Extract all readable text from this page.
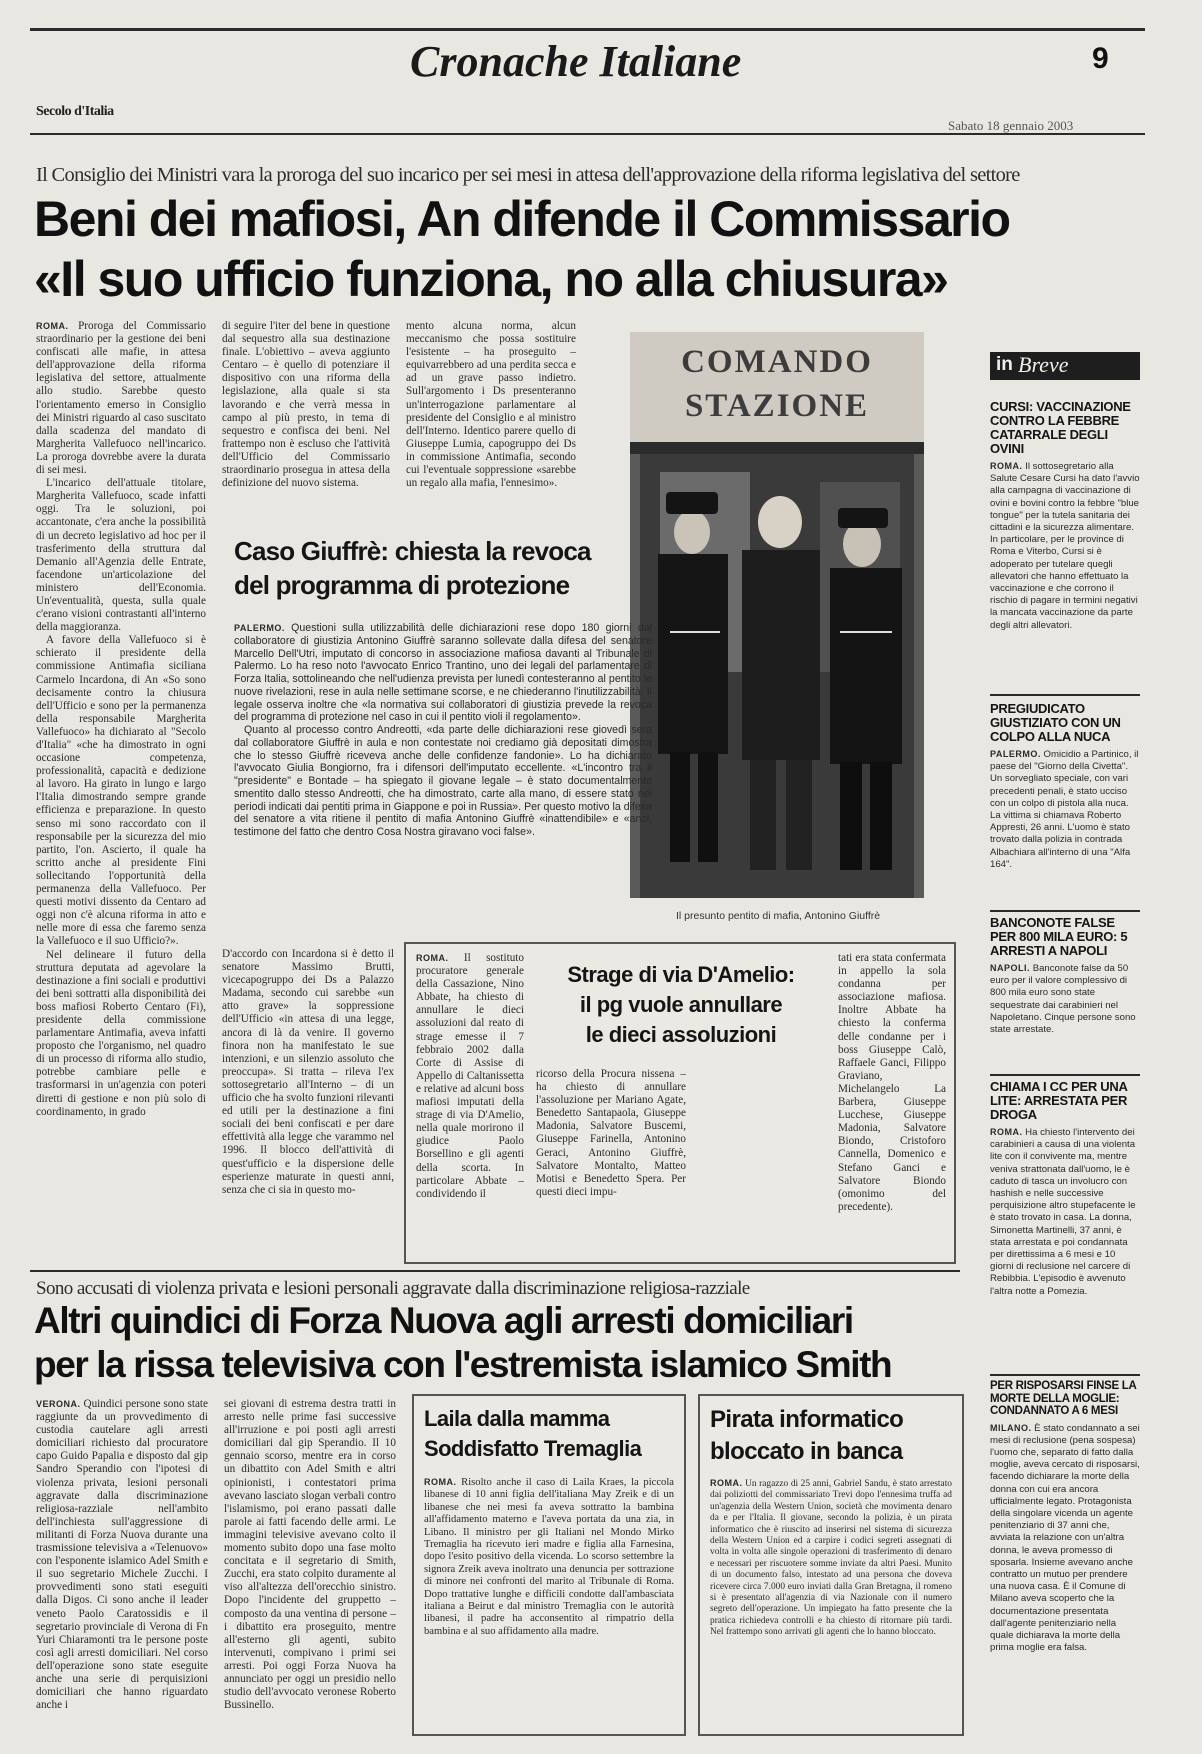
Cronache Italiane	9
Secolo d'Italia
Sabato 18 gennaio 2003
Il Consiglio dei Ministri vara la proroga del suo incarico per sei mesi in attesa dell'approvazione della riforma legislativa del settore
Beni dei mafiosi, An difende il Commissario
«Il suo ufficio funziona, no alla chiusura»

ROMA. Proroga del Commissario straordinario per la gestione dei beni confiscati alle mafie, in attesa dell'approvazione della riforma legislativa del settore, attualmente allo studio. Sarebbe questo l'orientamento emerso in Consiglio dei Ministri riguardo al caso suscitato dalla scadenza del mandato di Margherita Vallefuoco nell'incarico. La proroga dovrebbe avere la durata di sei mesi.

L'incarico dell'attuale titolare, Margherita Vallefuoco, scade infatti oggi. Tra le soluzioni, poi accantonate, c'era anche la possibilità di un decreto legislativo ad hoc per il trasferimento della struttura dal Demanio all'Agenzia delle Entrate, facendone un'articolazione del ministero dell'Economia. Un'eventualità, questa, sulla quale c'erano visioni contrastanti all'interno della maggioranza.

A favore della Vallefuoco si è schierato il presidente della commissione Antimafia siciliana Carmelo Incardona, di An «So sono decisamente contro la chiusura dell'Ufficio e sono per la permanenza della responsabile Margherita Vallefuoco» ha dichiarato al "Secolo d'Italia" «che ha dimostrato in ogni occasione competenza, professionalità, capacità e dedizione al lavoro. Ha girato in lungo e largo l'Italia dimostrando sempre grande efficienza e preparazione. In questo senso mi sono raccordato con il responsabile per la sicurezza del mio partito, l'on. Ascierto, il quale ha scritto anche al presidente Fini sollecitando l'opportunità della permanenza della Vallefuoco. Per questi motivi dissento da Centaro ad oggi non c'è alcuna riforma in atto e nelle more di essa che faremo senza la Vallefuoco e il suo Ufficio?».

Nel delineare il futuro della struttura deputata ad agevolare la destinazione a fini sociali e produttivi dei beni sottratti alla disponibilità dei boss mafiosi Roberto Centaro (Fi), presidente della commissione parlamentare Antimafia, aveva infatti proposto che l'organismo, nel quadro di un processo di riforma allo studio, potrebbe cambiare pelle e trasformarsi in un'agenzia con poteri diretti di gestione e non più solo di coordinamento, in grado

di seguire l'iter del bene in questione dal sequestro alla sua destinazione finale. L'obiettivo – aveva aggiunto Centaro – è quello di potenziare il dispositivo con una riforma della legislazione, alla quale si sta lavorando e che verrà messa in campo al più presto, in tema di sequestro e confisca dei beni. Nel frattempo non è escluso che l'attività dell'Ufficio del Commissario straordinario prosegua in attesa della definizione del nuovo sistema.

mento alcuna norma, alcun meccanismo che possa sostituire l'esistente – ha proseguito – equivarrebbero ad una perdita secca e ad un grave passo indietro. Sull'argomento i Ds presenteranno un'interrogazione parlamentare al presidente del Consiglio e al ministro dell'Interno. Identico parere quello di Giuseppe Lumia, capogruppo dei Ds in commissione Antimafia, secondo cui l'eventuale soppressione «sarebbe un regalo alla mafia, l'ennesimo».

COMANDO
STAZIONE
Il presunto pentito di mafia, Antonino Giuffrè
Caso Giuffrè: chiesta la revoca
del programma di protezione
PALERMO. Questioni sulla utilizzabilità delle dichiarazioni rese dopo 180 giorni dal collaboratore di giustizia Antonino Giuffrè saranno sollevate dalla difesa del senatore Marcello Dell'Utri, imputato di concorso in associazione mafiosa davanti al Tribunale di Palermo. Lo ha reso noto l'avvocato Enrico Trantino, uno dei legali del parlamentare di Forza Italia, sottolineando che nell'udienza prevista per lunedì contesteranno al pentito le nuove rivelazioni, rese in aula nelle settimane scorse, e ne chiederanno l'inutilizzabilità. Il legale osserva inoltre che «la normativa sui collaboratori di giustizia prevede la revoca del programma di protezione nel caso in cui il pentito violi il regolamento».
Quanto al processo contro Andreotti, «da parte delle dichiarazioni rese giovedì sera dal collaboratore Giuffrè in aula e non contestate noi crediamo già depositati dimostra che lo stesso Giuffrè riceveva anche delle confidenze fandonie». Lo ha dichiarato l'avvocato Giulia Bongiorno, fra i difensori dell'imputato eccellente. «L'incontro tra il "presidente" e Bontade – ha spiegato il giovane legale – è stato documentalmente smentito dallo stesso Andreotti, che ha dimostrato, carte alla mano, di essere stato nei periodi indicati dai pentiti prima in Giappone e poi in Russia». Per questo motivo la difesa del senatore a vita ritiene il pentito di mafia Antonino Giuffrè «inattendibile» e «anzi, testimone del fatto che dentro Cosa Nostra giravano voci false».

D'accordo con Incardona si è detto il senatore Massimo Brutti, vicecapogruppo dei Ds a Palazzo Madama, secondo cui sarebbe «un atto grave» la soppressione dell'Ufficio «in attesa di una legge, ancora di là da venire. Il governo finora non ha manifestato le sue intenzioni, e un silenzio assoluto che preoccupa». Si tratta – rileva l'ex sottosegretario all'Interno – di un ufficio che ha svolto funzioni rilevanti ed utili per la destinazione a fini sociali dei beni confiscati e per dare effettività alla legge che varammo nel 1996. Il blocco dell'attività di quest'ufficio e la dispersione delle esperienze maturate in questi anni, senza che ci sia in questo mo-

ROMA. Il sostituto procuratore generale della Cassazione, Nino Abbate, ha chiesto di annullare le dieci assoluzioni dal reato di strage emesse il 7 febbraio 2002 dalla Corte di Assise di Appello di Caltanissetta e relative ad alcuni boss mafiosi imputati della strage di via D'Amelio, nella quale morirono il giudice Paolo Borsellino e gli agenti della scorta. In particolare Abbate – condividendo il

Strage di via D'Amelio:
il pg vuole annullare
le dieci assoluzioni

ricorso della Procura nissena – ha chiesto di annullare l'assoluzione per Mariano Agate, Benedetto Santapaola, Giuseppe Madonia, Salvatore Buscemi, Giuseppe Farinella, Antonino Geraci, Antonino Giuffrè, Salvatore Montalto, Matteo Motisi e Benedetto Spera. Per questi dieci impu-

tati era stata confermata in appello la sola condanna per associazione mafiosa. Inoltre Abbate ha chiesto la conferma delle condanne per i boss Giuseppe Calò, Raffaele Ganci, Filippo Graviano, Michelangelo La Barbera, Giuseppe Lucchese, Giuseppe Madonia, Salvatore Biondo, Cristoforo Cannella, Domenico e Stefano Ganci e Salvatore Biondo (omonimo del precedente).

in Breve
CURSI: VACCINAZIONE CONTRO LA FEBBRE CATARRALE DEGLI OVINI
ROMA. Il sottosegretario alla Salute Cesare Cursi ha dato l'avvio alla campagna di vaccinazione di ovini e bovini contro la febbre "blue tongue" per la tutela sanitaria dei cittadini e la sicurezza alimentare. In particolare, per le province di Roma e Viterbo, Cursi si è adoperato per tutelare quegli allevatori che hanno effettuato la vaccinazione e che corrono il rischio di pagare in termini negativi la mancata vaccinazione da parte degli altri allevatori.
PREGIUDICATO GIUSTIZIATO CON UN COLPO ALLA NUCA
PALERMO. Omicidio a Partinico, il paese del "Giorno della Civetta". Un sorvegliato speciale, con vari precedenti penali, è stato ucciso con un colpo di pistola alla nuca. La vittima si chiamava Roberto Appresti, 26 anni. L'uomo è stato trovato dalla polizia in contrada Albachiara all'interno di una "Alfa 164".
BANCONOTE FALSE PER 800 MILA EURO: 5 ARRESTI A NAPOLI
NAPOLI. Banconote false da 50 euro per il valore complessivo di 800 mila euro sono state sequestrate dai carabinieri nel Napoletano. Cinque persone sono state arrestate.
CHIAMA I CC PER UNA LITE: ARRESTATA PER DROGA
ROMA. Ha chiesto l'intervento dei carabinieri a causa di una violenta lite con il convivente ma, mentre veniva strattonata dall'uomo, le è caduto di tasca un involucro con hashish e nelle successive perquisizione altro stupefacente le è stato trovato in casa. La donna, Simonetta Martinelli, 37 anni, è stata arrestata e poi condannata per direttissima a 6 mesi e 10 giorni di reclusione nel carcere di Rebibbia. L'episodio è avvenuto l'altra notte a Pomezia.
PER RISPOSARSI FINSE LA MORTE DELLA MOGLIE: CONDANNATO A 6 MESI
MILANO. È stato condannato a sei mesi di reclusione (pena sospesa) l'uomo che, separato di fatto dalla moglie, aveva cercato di risposarsi, facendo dichiarare la morte della donna con cui era ancora ufficialmente legato. Protagonista della singolare vicenda un agente penitenziario di 37 anni che, avviata la relazione con un'altra donna, le aveva promesso di sposarla. Insieme avevano anche contratto un mutuo per prendere una nuova casa. È il Comune di Milano aveva scoperto che la documentazione presentata dall'agente penitenziario nella quale dichiarava la morte della prima moglie era falsa.
Sono accusati di violenza privata e lesioni personali aggravate dalla discriminazione religiosa-razziale
Altri quindici di Forza Nuova agli arresti domiciliari
per la rissa televisiva con l'estremista islamico Smith

VERONA. Quindici persone sono state raggiunte da un provvedimento di custodia cautelare agli arresti domiciliari richiesto dal procuratore capo Guido Papalia e disposto dal gip Sandro Sperandio con l'ipotesi di violenza privata, lesioni personali aggravate dalla discriminazione religiosa-razziale nell'ambito dell'inchiesta sull'aggressione di militanti di Forza Nuova durante una trasmissione televisiva a «Telenuovo» con l'esponente islamico Adel Smith e il suo segretario Michele Zucchi. I provvedimenti sono stati eseguiti dalla Digos. Ci sono anche il leader veneto Paolo Caratossidis e il segretario provinciale di Verona di Fn Yuri Chiaramonti tra le persone poste così agli arresti domiciliari. Nel corso dell'operazione sono state eseguite anche una serie di perquisizioni domiciliari che hanno riguardato anche i

sei giovani di estrema destra tratti in arresto nelle prime fasi successive all'irruzione e poi posti agli arresti domiciliari dal gip Sperandio. Il 10 gennaio scorso, mentre era in corso un dibattito con Adel Smith e altri opinionisti, i contestatori prima avevano lasciato slogan verbali contro l'islamismo, poi erano passati dalle parole ai fatti facendo delle armi. Le immagini televisive avevano colto il momento subito dopo una fase molto concitata e il segretario di Smith, Zucchi, era stato colpito duramente al viso all'altezza dell'orecchio sinistro. Dopo l'incidente del gruppetto – composto da una ventina di persone – i dibattito era proseguito, mentre all'esterno gli agenti, subito intervenuti, compivano i primi sei arresti. Poi oggi Forza Nuova ha annunciato per oggi un presidio nello studio dell'avvocato veronese Roberto Bussinello.

Laila dalla mamma
Soddisfatto Tremaglia

ROMA. Risolto anche il caso di Laila Kraes, la piccola libanese di 10 anni figlia dell'italiana May Zreik e di un libanese che nei mesi fa aveva sottratto la bambina all'affidamento materno e l'aveva portata da una zia, in Libano. Il ministro per gli Italiani nel Mondo Mirko Tremaglia ha ricevuto ieri madre e figlia alla Farnesina, dopo l'esito positivo della vicenda. Lo scorso settembre la signora Zreik aveva inoltrato una denuncia per sottrazione di minore nei confronti del marito al Tribunale di Roma. Dopo trattative lunghe e difficili condotte dall'ambasciata italiana a Beirut e dal ministro Tremaglia con le autorità libanesi, il padre ha acconsentito al rimpatrio della bambina e al suo affidamento alla madre.

Pirata informatico
bloccato in banca

ROMA. Un ragazzo di 25 anni, Gabriel Sandu, è stato arrestato dai poliziotti del commissariato Trevi dopo l'ennesima truffa ad un'agenzia della Western Union, società che movimenta denaro da e per l'Italia. Il giovane, secondo la polizia, è un pirata informatico che è riuscito ad inserirsi nel sistema di sicurezza della Western Union ed a carpire i codici segreti assegnati di volta in volta alle singole operazioni di trasferimento di denaro e necessari per riscuotere somme inviate da altri Paesi. Munito di un documento falso, intestato ad una persona che doveva ricevere circa 7.000 euro inviati dalla Gran Bretagna, il romeno si è presentato all'agenzia di via Nazionale con il numero segreto dell'operazione. Un impiegato ha fatto presente che la pratica richiedeva controlli e ha chiesto di ritornare più tardi. Nel frattempo sono arrivati gli agenti che lo hanno bloccato.
